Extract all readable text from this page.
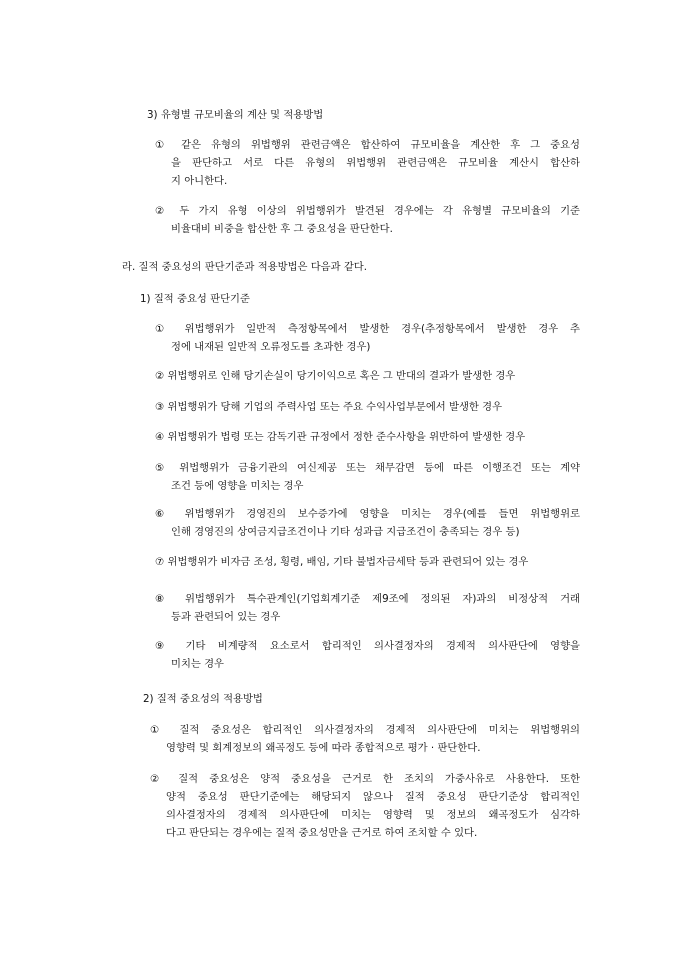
3) 유형별 규모비율의 계산 및 적용방법
① 같은 유형의 위법행위 관련금액은 합산하여 규모비율을 계산한 후 그 중요성
을 판단하고 서로 다른 유형의 위법행위 관련금액은 규모비율 계산시 합산하
지 아니한다.
② 두 가지 유형 이상의 위법행위가 발견된 경우에는 각 유형별 규모비율의 기준
비율대비 비중을 합산한 후 그 중요성을 판단한다.
라. 질적 중요성의 판단기준과 적용방법은 다음과 같다.
1) 질적 중요성 판단기준
① 위법행위가 일반적 측정항목에서 발생한 경우(추정항목에서 발생한 경우 추
정에 내재된 일반적 오류정도를 초과한 경우)
② 위법행위로 인해 당기손실이 당기이익으로 혹은 그 반대의 결과가 발생한 경우
③ 위법행위가 당해 기업의 주력사업 또는 주요 수익사업부문에서 발생한 경우
④ 위법행위가 법령 또는 감독기관 규정에서 정한 준수사항을 위반하여 발생한 경우
⑤ 위법행위가 금융기관의 여신제공 또는 채무감면 등에 따른 이행조건 또는 계약
조건 등에 영향을 미치는 경우
⑥ 위법행위가 경영진의 보수증가에 영향을 미치는 경우(예를 들면 위법행위로
인해 경영진의 상여금지급조건이나 기타 성과급 지급조건이 충족되는 경우 등)
⑦ 위법행위가 비자금 조성, 횡령, 배임, 기타 불법자금세탁 등과 관련되어 있는 경우
⑧ 위법행위가 특수관계인(기업회계기준 제9조에 정의된 자)과의 비정상적 거래
등과 관련되어 있는 경우
⑨ 기타 비계량적 요소로서 합리적인 의사결정자의 경제적 의사판단에 영향을
미치는 경우
2) 질적 중요성의 적용방법
① 질적 중요성은 합리적인 의사결정자의 경제적 의사판단에 미치는 위법행위의
영향력 및 회계정보의 왜곡정도 등에 따라 종합적으로 평가 · 판단한다.
② 질적 중요성은 양적 중요성을 근거로 한 조치의 가중사유로 사용한다. 또한
양적 중요성 판단기준에는 해당되지 않으나 질적 중요성 판단기준상 합리적인
의사결정자의 경제적 의사판단에 미치는 영향력 및 정보의 왜곡정도가 심각하
다고 판단되는 경우에는 질적 중요성만을 근거로 하여 조치할 수 있다.
